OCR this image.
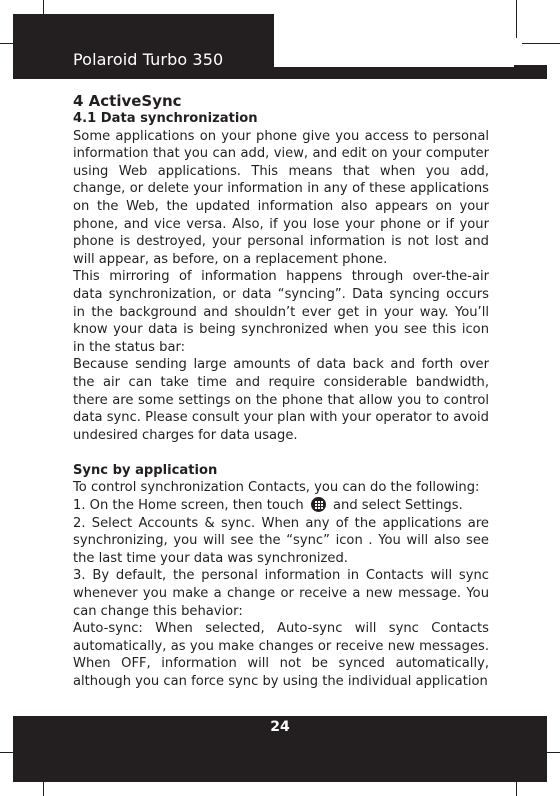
Polaroid Turbo 350

4 ActiveSync

4.1 Data synchronization

Some applications on your phone give you access to personal information that you can add, view, and edit on your computer using Web applications. This means that when you add, change, or delete your information in any of these applications on the Web, the updated information also appears on your phone, and vice versa. Also, if you lose your phone or if your phone is destroyed, your personal information is not lost and will appear, as before, on a replacement phone.

This mirroring of information happens through over-the-air data synchronization, or data “syncing”. Data syncing occurs in the background and shouldn’t ever get in your way. You’ll know your data is being synchronized when you see this icon in the status bar:

Because sending large amounts of data back and forth over the air can take time and require considerable bandwidth, there are some settings on the phone that allow you to control data sync. Please consult your plan with your operator to avoid undesired charges for data usage.

Sync by application

To control synchronization Contacts, you can do the following:

1. On the Home screen, then touch and select Settings.

2. Select Accounts & sync. When any of the applications are synchronizing, you will see the “sync” icon . You will also see the last time your data was synchronized.

3. By default, the personal information in Contacts will sync whenever you make a change or receive a new message. You can change this behavior:

Auto-sync: When selected, Auto-sync will sync Contacts automatically, as you make changes or receive new messages. When OFF, information will not be synced automatically, although you can force sync by using the individual application

24
